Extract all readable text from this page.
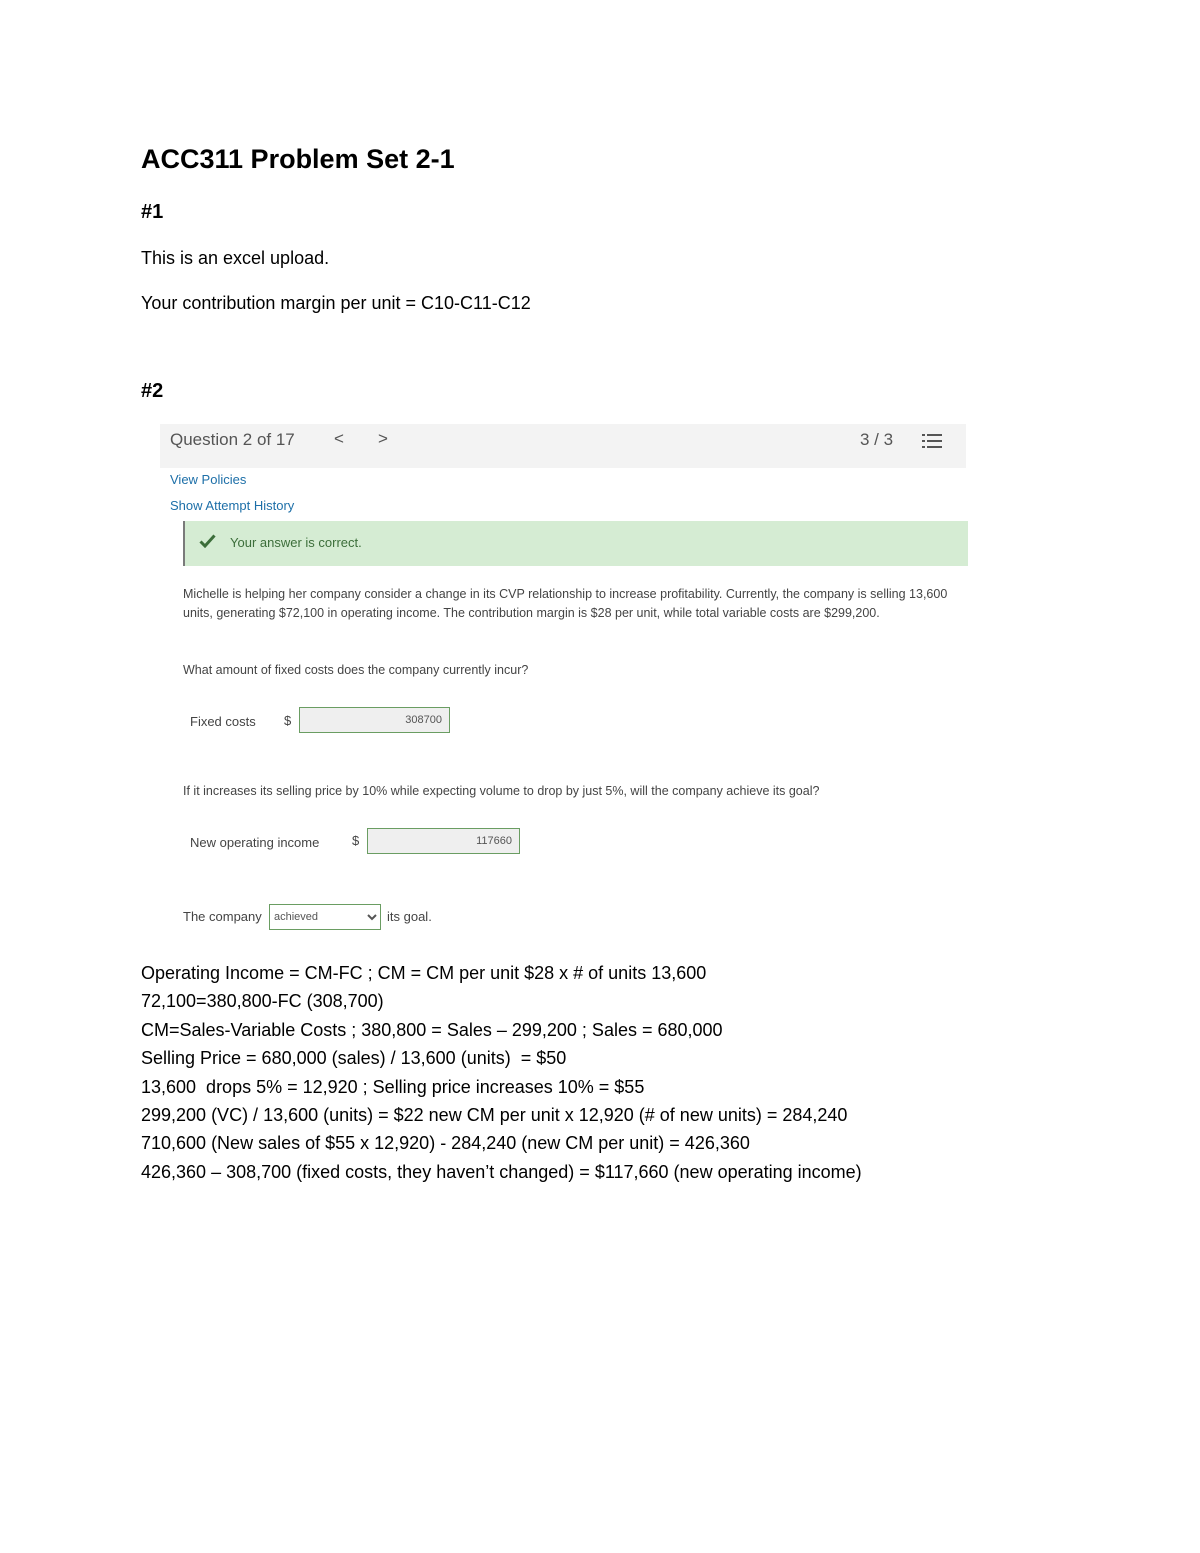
ACC311 Problem Set 2-1
#1
This is an excel upload.
Your contribution margin per unit = C10-C11-C12
#2
Question 2 of 17 < >	3 / 3
View Policies
Show Attempt History
Your answer is correct.
Michelle is helping her company consider a change in its CVP relationship to increase profitability. Currently, the company is selling 13,600 units, generating $72,100 in operating income. The contribution margin is $28 per unit, while total variable costs are $299,200.
What amount of fixed costs does the company currently incur?
Fixed costs $
308700
If it increases its selling price by 10% while expecting volume to drop by just 5%, will the company achieve its goal?
New operating income	$
117660
The company
achieved	its goal.
Operating Income = CM-FC ; CM = CM per unit $28 x # of units 13,600
72,100=380,800-FC (308,700)
CM=Sales-Variable Costs ; 380,800 = Sales – 299,200 ; Sales = 680,000
Selling Price = 680,000 (sales) / 13,600 (units)  = $50
13,600  drops 5% = 12,920 ; Selling price increases 10% = $55
299,200 (VC) / 13,600 (units) = $22 new CM per unit x 12,920 (# of new units) = 284,240
710,600 (New sales of $55 x 12,920) - 284,240 (new CM per unit) = 426,360
426,360 – 308,700 (fixed costs, they haven’t changed) = $117,660 (new operating income)
